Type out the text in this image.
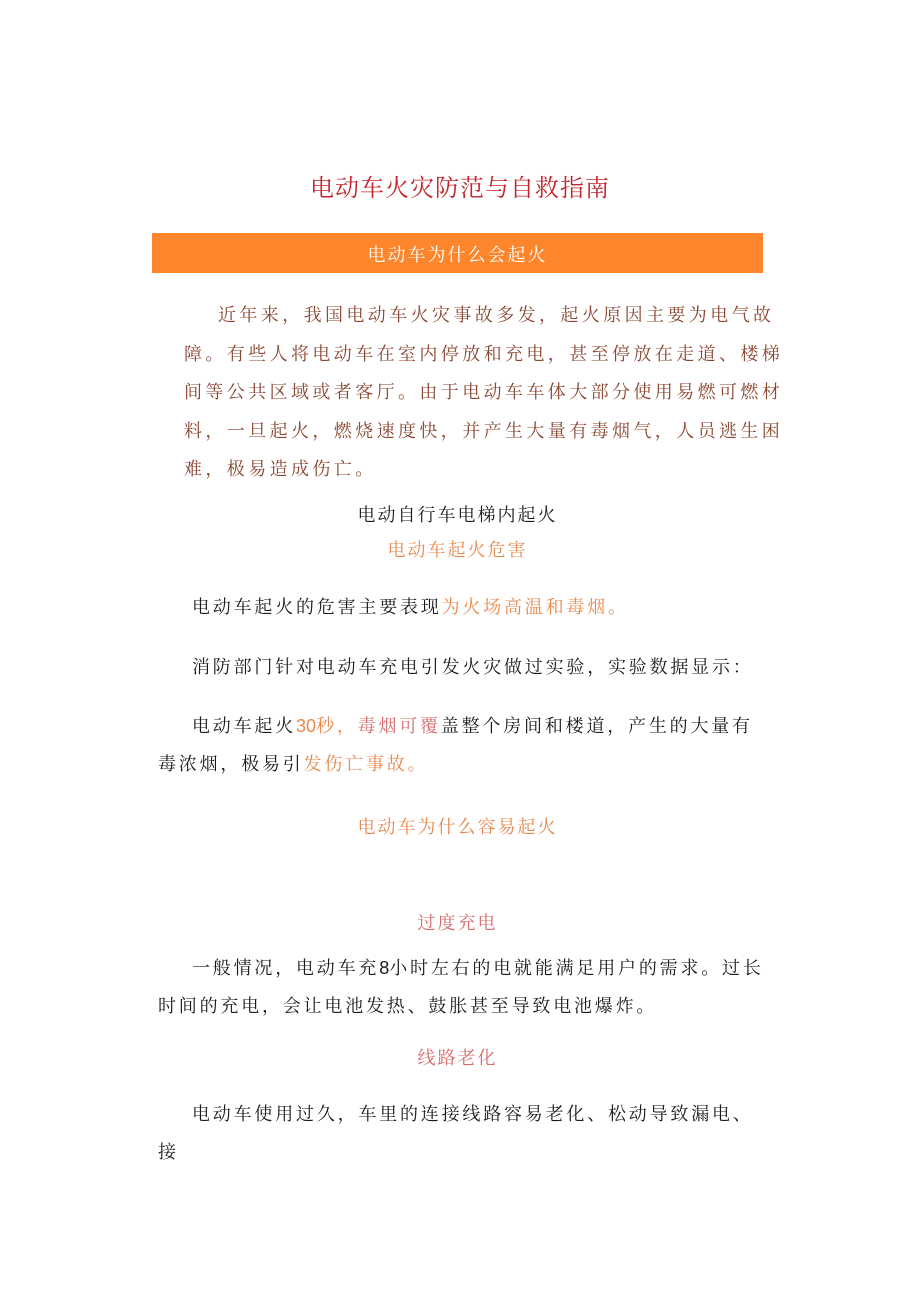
电动车火灾防范与自救指南
电动车为什么会起火
近年来，我国电动车火灾事故多发，起火原因主要为电气故障。有些人将电动车在室内停放和充电，甚至停放在走道、楼梯间等公共区域或者客厅。由于电动车车体大部分使用易燃可燃材料，一旦起火，燃烧速度快，并产生大量有毒烟气，人员逃生困难，极易造成伤亡。
电动自行车电梯内起火
电动车起火危害
电动车起火的危害主要表现为火场高温和毒烟。
消防部门针对电动车充电引发火灾做过实验，实验数据显示：
电动车起火30秒，毒烟可覆盖整个房间和楼道，产生的大量有毒浓烟，极易引发伤亡事故。
电动车为什么容易起火
过度充电
一般情况，电动车充8小时左右的电就能满足用户的需求。过长时间的充电，会让电池发热、鼓胀甚至导致电池爆炸。
线路老化
电动车使用过久，车里的连接线路容易老化、松动导致漏电、接
